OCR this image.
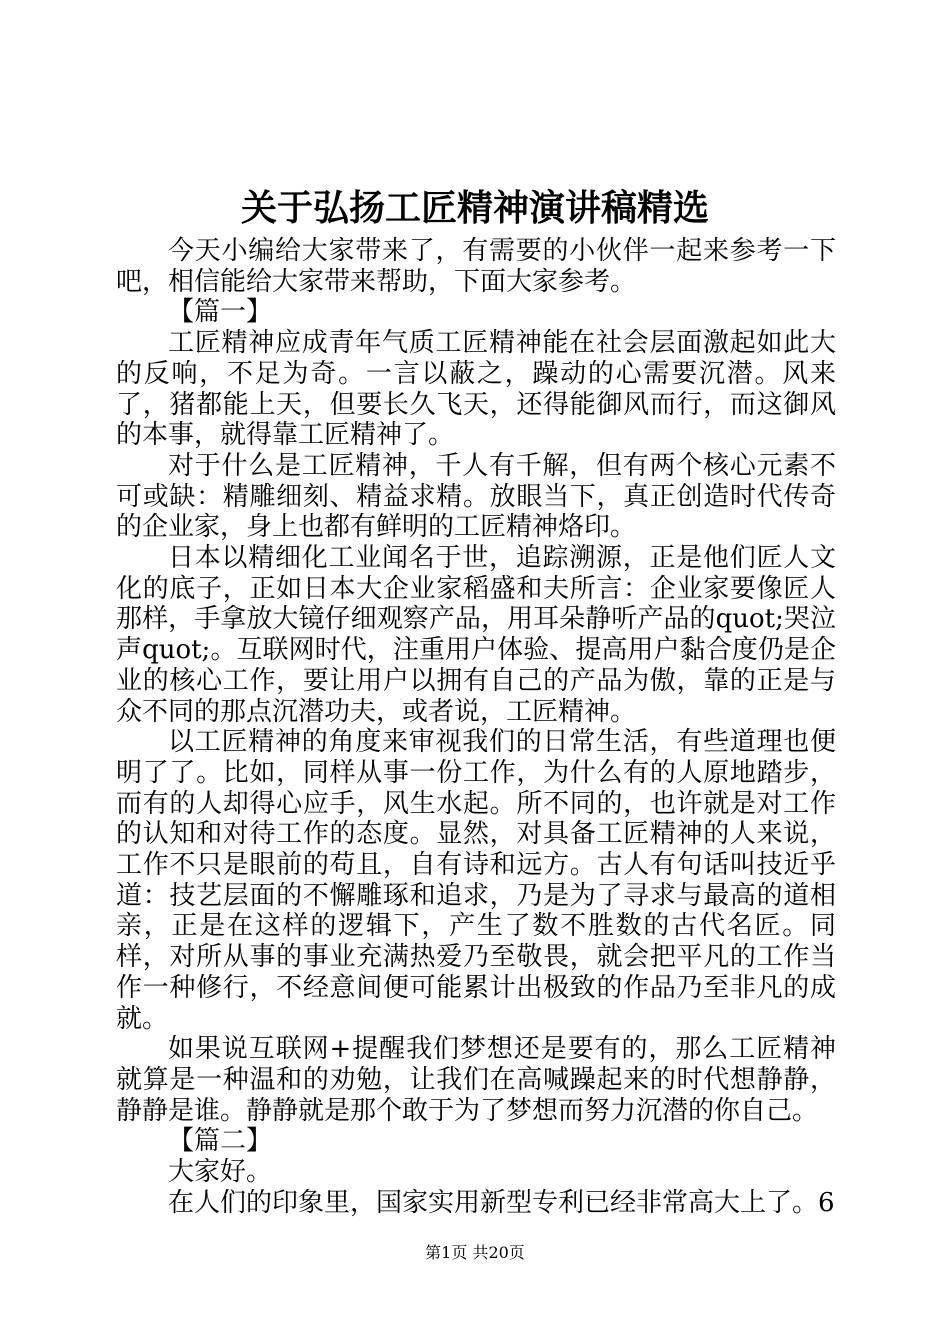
关于弘扬工匠精神演讲稿精选

今天小编给大家带来了，有需要的小伙伴一起来参考一下吧，相信能给大家带来帮助，下面大家参考。

【篇一】

工匠精神应成青年气质工匠精神能在社会层面激起如此大的反响，不足为奇。一言以蔽之，躁动的心需要沉潜。风来了，猪都能上天，但要长久飞天，还得能御风而行，而这御风的本事，就得靠工匠精神了。

对于什么是工匠精神，千人有千解，但有两个核心元素不可或缺：精雕细刻、精益求精。放眼当下，真正创造时代传奇的企业家，身上也都有鲜明的工匠精神烙印。

日本以精细化工业闻名于世，追踪溯源，正是他们匠人文化的底子，正如日本大企业家稻盛和夫所言：企业家要像匠人那样，手拿放大镜仔细观察产品，用耳朵静听产品的quot;哭泣声quot;。互联网时代，注重用户体验、提高用户黏合度仍是企业的核心工作，要让用户以拥有自己的产品为傲，靠的正是与众不同的那点沉潜功夫，或者说，工匠精神。

以工匠精神的角度来审视我们的日常生活，有些道理也便明了了。比如，同样从事一份工作，为什么有的人原地踏步，而有的人却得心应手，风生水起。所不同的，也许就是对工作的认知和对待工作的态度。显然，对具备工匠精神的人来说，工作不只是眼前的苟且，自有诗和远方。古人有句话叫技近乎道：技艺层面的不懈雕琢和追求，乃是为了寻求与最高的道相亲，正是在这样的逻辑下，产生了数不胜数的古代名匠。同样，对所从事的事业充满热爱乃至敬畏，就会把平凡的工作当作一种修行，不经意间便可能累计出极致的作品乃至非凡的成就。

如果说互联网+提醒我们梦想还是要有的，那么工匠精神就算是一种温和的劝勉，让我们在高喊躁起来的时代想静静，静静是谁。静静就是那个敢于为了梦想而努力沉潜的你自己。

【篇二】

大家好。

在人们的印象里，国家实用新型专利已经非常高大上了。6

第1页 共20页
